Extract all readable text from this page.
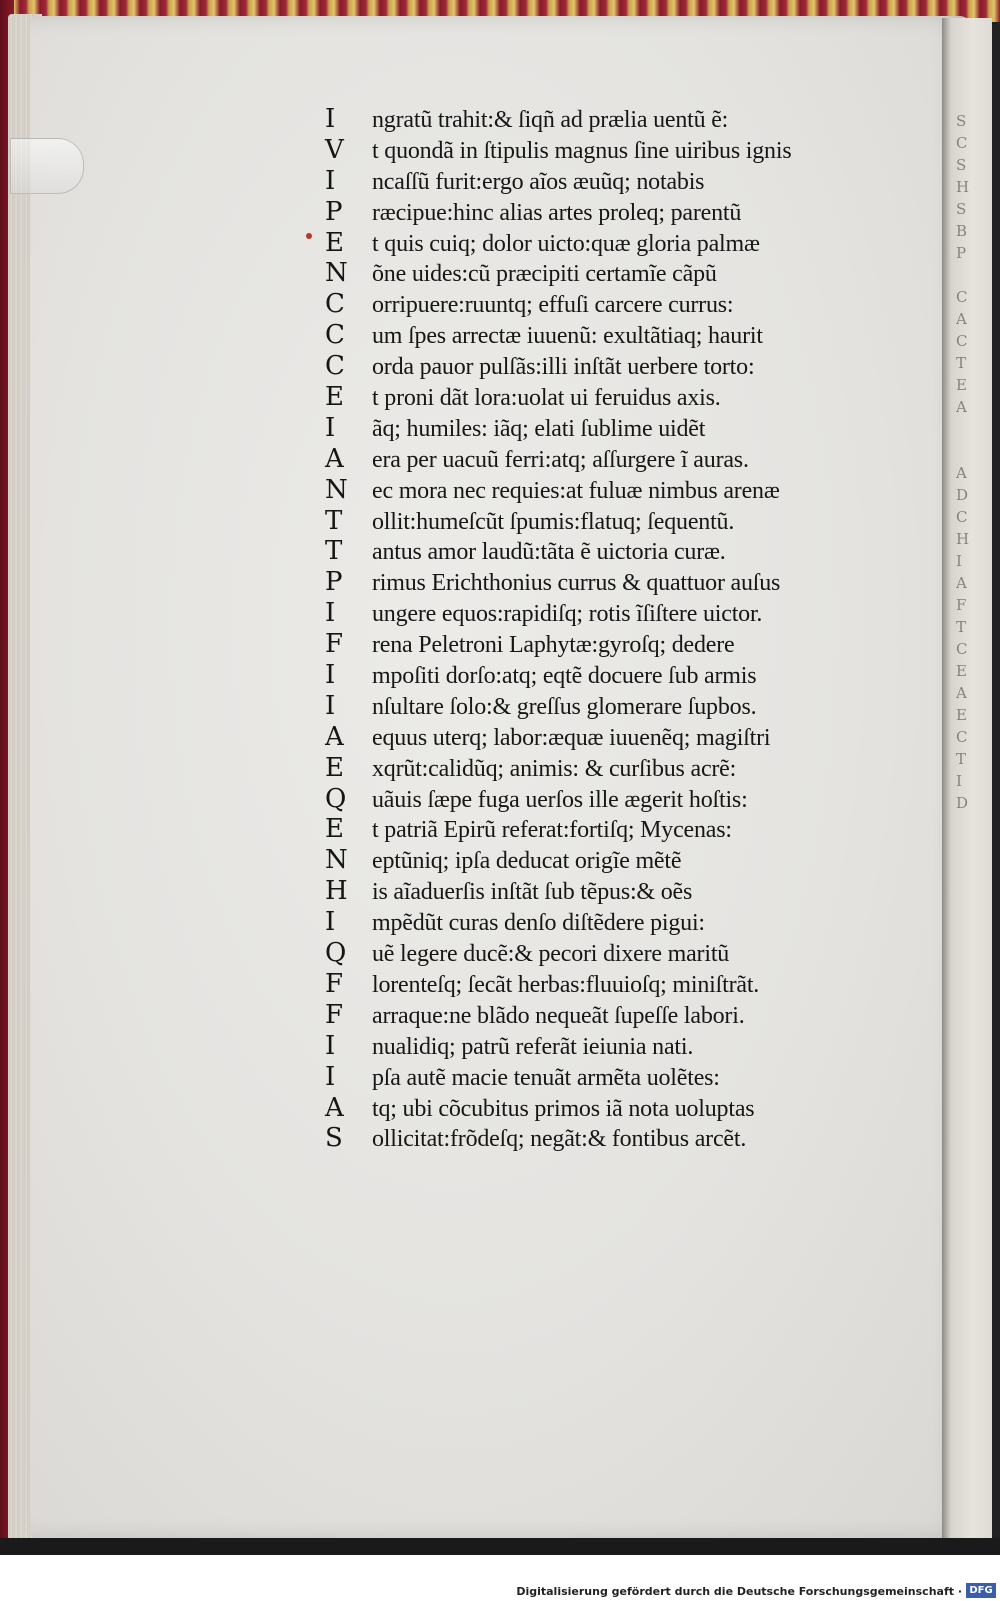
S
C
S
H
S
B
P

C
A
C
T
E
A

A
D
C
H
I
A
F
T
C
E
A
E
C
T
I
D
I	ngratũ trahit:& ſiqñ ad prælia uentũ ẽ:
V	t quondã in ſtipulis magnus ſine uiribus ignis
I	ncaſſũ furit:ergo aĩos æuũq; notabis
P	ræcipue:hinc alias artes proleq; parentũ
E	t quis cuiq; dolor uicto:quæ gloria palmæ
N	õne uides:cũ præcipiti certamĩe cãpũ
C	orripuere:ruuntq; effuſi carcere currus:
C	um ſpes arrectæ iuuenũ: exultãtiaq; haurit
C	orda pauor pulſãs:illi inſtãt uerbere torto:
E	t proni dãt lora:uolat ui feruidus axis.
I	ãq; humiles: iãq; elati ſublime uidẽt
A	era per uacuũ ferri:atq; aſſurgere ĩ auras.
N	ec mora nec requies:at fuluæ nimbus arenæ
T	ollit:humeſcũt ſpumis:flatuq; ſequentũ.
T	antus amor laudũ:tãta ẽ uictoria curæ.
P	rimus Erichthonius currus & quattuor auſus
I	ungere equos:rapidiſq; rotis ĩſiſtere uictor.
F	rena Peletroni Laphytæ:gyroſq; dedere
I	mpoſiti dorſo:atq; eqtẽ docuere ſub armis
I	nſultare ſolo:& greſſus glomerare ſupbos.
A	equus uterq; labor:æquæ iuuenẽq; magiſtri
E	xqrũt:calidũq; animis: & curſibus acrẽ:
Q	uãuis ſæpe fuga uerſos ille ægerit hoſtis:
E	t patriã Epirũ referat:fortiſq; Mycenas:
N	eptũniq; ipſa deducat origĩe mẽtẽ
H	is aĩaduerſis inſtãt ſub tẽpus:& oẽs
I	mpẽdũt curas denſo diſtẽdere pigui:
Q	uẽ legere ducẽ:& pecori dixere maritũ
F	lorenteſq; ſecãt herbas:fluuioſq; miniſtrãt.
F	arraque:ne blãdo nequeãt ſupeſſe labori.
I	nualidiq; patrũ referãt ieiunia nati.
I	pſa autẽ macie tenuãt armẽta uolẽtes:
A	tq; ubi cõcubitus primos iã nota uoluptas
S	ollicitat:frõdeſq; negãt:& fontibus arcẽt.
Digitalisierung gefördert durch die Deutsche Forschungsgemeinschaft · DFG
